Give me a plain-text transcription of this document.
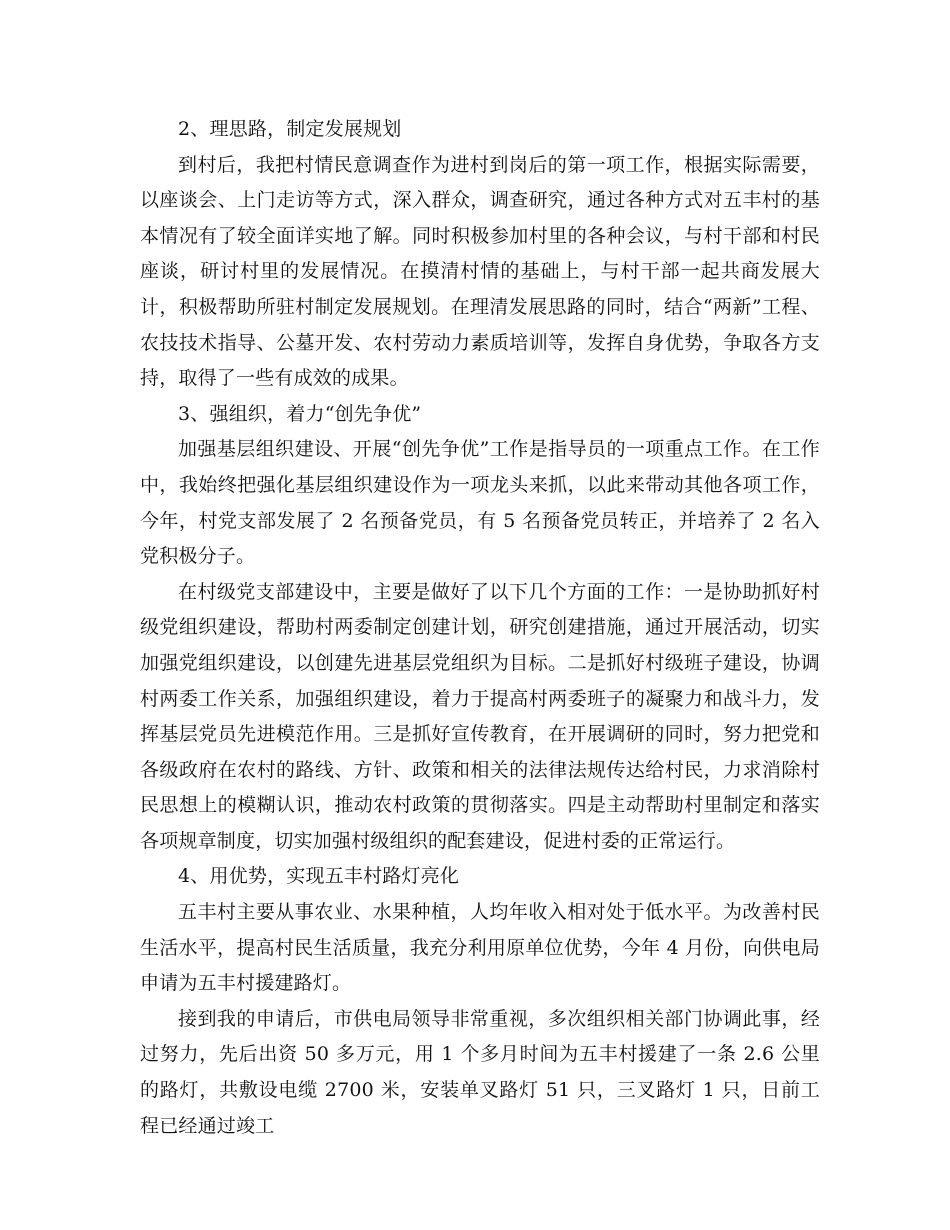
2、理思路，制定发展规划

到村后，我把村情民意调查作为进村到岗后的第一项工作，根据实际需要，以座谈会、上门走访等方式，深入群众，调查研究，通过各种方式对五丰村的基本情况有了较全面详实地了解。同时积极参加村里的各种会议，与村干部和村民座谈，研讨村里的发展情况。在摸清村情的基础上，与村干部一起共商发展大计，积极帮助所驻村制定发展规划。在理清发展思路的同时，结合“两新”工程、农技技术指导、公墓开发、农村劳动力素质培训等，发挥自身优势，争取各方支持，取得了一些有成效的成果。

3、强组织，着力“创先争优”

加强基层组织建设、开展“创先争优”工作是指导员的一项重点工作。在工作中，我始终把强化基层组织建设作为一项龙头来抓，以此来带动其他各项工作，今年，村党支部发展了 2 名预备党员，有 5 名预备党员转正，并培养了 2 名入党积极分子。

在村级党支部建设中，主要是做好了以下几个方面的工作：一是协助抓好村级党组织建设，帮助村两委制定创建计划，研究创建措施，通过开展活动，切实加强党组织建设，以创建先进基层党组织为目标。二是抓好村级班子建设，协调村两委工作关系，加强组织建设，着力于提高村两委班子的凝聚力和战斗力，发挥基层党员先进模范作用。三是抓好宣传教育，在开展调研的同时，努力把党和各级政府在农村的路线、方针、政策和相关的法律法规传达给村民，力求消除村民思想上的模糊认识，推动农村政策的贯彻落实。四是主动帮助村里制定和落实各项规章制度，切实加强村级组织的配套建设，促进村委的正常运行。

4、用优势，实现五丰村路灯亮化

五丰村主要从事农业、水果种植，人均年收入相对处于低水平。为改善村民生活水平，提高村民生活质量，我充分利用原单位优势，今年 4 月份，向供电局申请为五丰村援建路灯。

接到我的申请后，市供电局领导非常重视，多次组织相关部门协调此事，经过努力，先后出资 50 多万元，用 1 个多月时间为五丰村援建了一条 2.6 公里的路灯，共敷设电缆 2700 米，安装单叉路灯 51 只，三叉路灯 1 只，日前工程已经通过竣工
